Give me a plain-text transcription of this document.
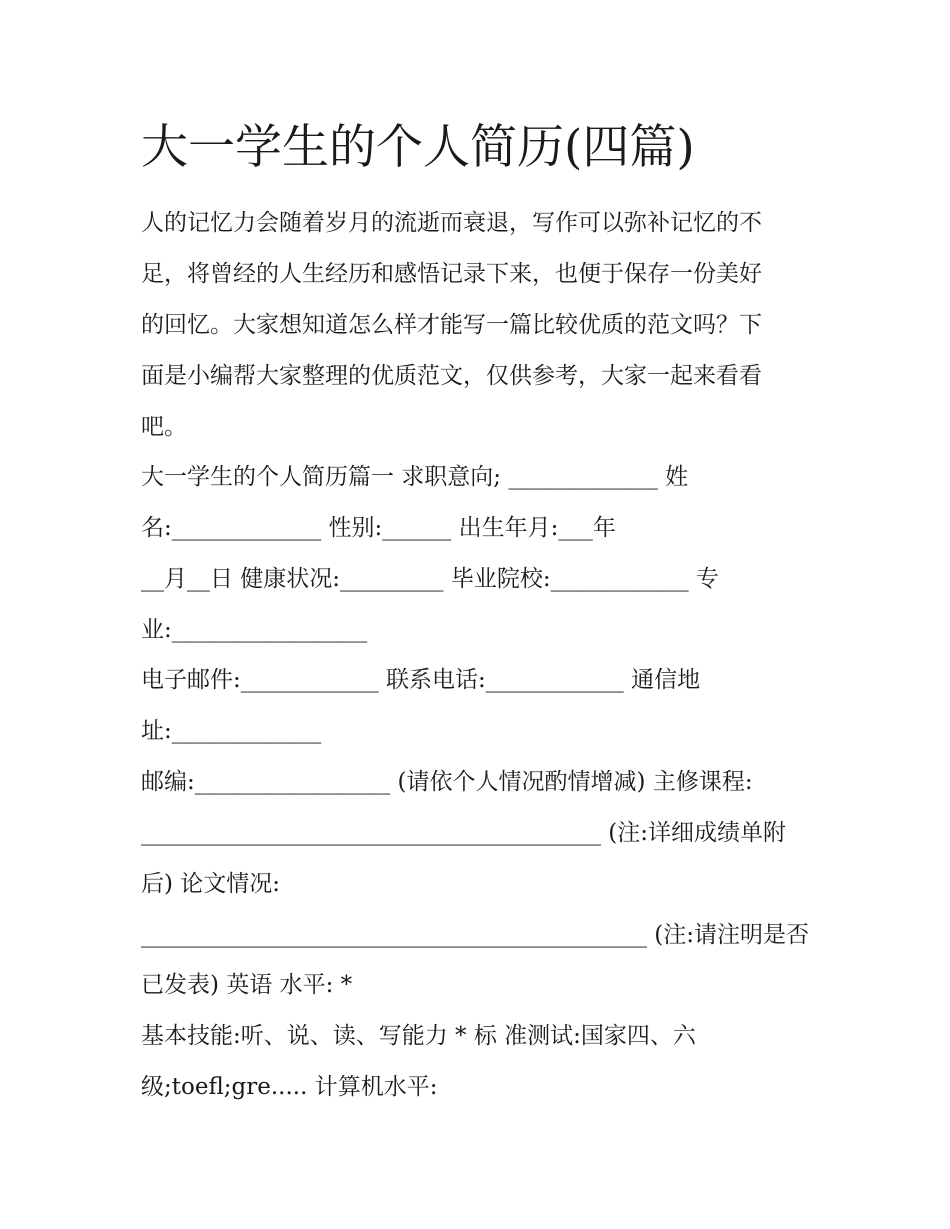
大一学生的个人简历(四篇)

人的记忆力会随着岁月的流逝而衰退，写作可以弥补记忆的不

足，将曾经的人生经历和感悟记录下来，也便于保存一份美好

的回忆。大家想知道怎么样才能写一篇比较优质的范文吗？下

面是小编帮大家整理的优质范文，仅供参考，大家一起来看看

吧。

大一学生的个人简历篇一 求职意向; _____________ 姓

名:_____________ 性别:______ 出生年月:___年

__月__日 健康状况:_________ 毕业院校:____________ 专

业:_________________

电子邮件:____________ 联系电话:____________ 通信地

址:_____________

邮编:_________________ (请依个人情况酌情增减) 主修课程:

________________________________________ (注:详细成绩单附

后) 论文情况:

____________________________________________ (注:请注明是否

已发表) 英语 水平: *

基本技能:听、说、读、写能力 * 标 准测试:国家四、六

级;toefl;gre..... 计算机水平:
